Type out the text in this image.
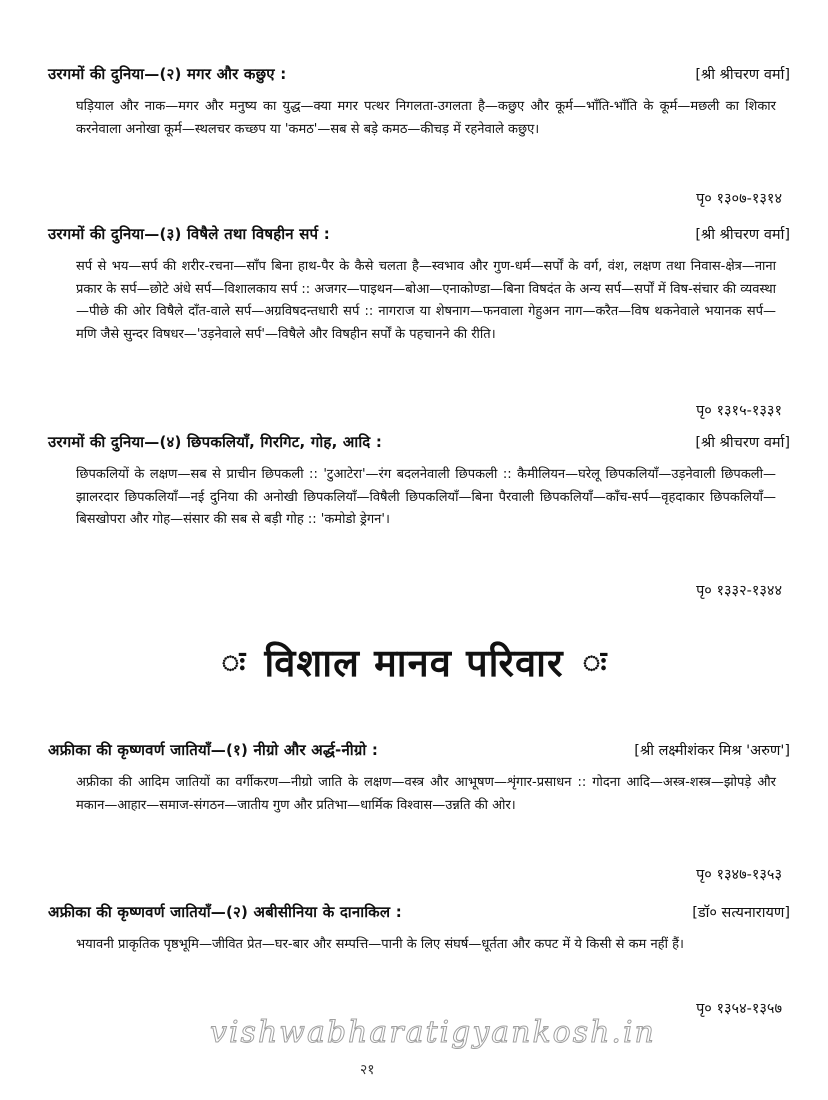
उरगमों की दुनिया—(२) मगर और कछुए :	[श्री श्रीचरण वर्मा]
घड़ियाल और नाक—मगर और मनुष्य का युद्ध—क्या मगर पत्थर निगलता-उगलता है—कछुए और कूर्म—भाँति-भाँति के कूर्म—मछली का शिकार करनेवाला अनोखा कूर्म—स्थलचर कच्छप या 'कमठ'—सब से बड़े कमठ—कीचड़ में रहनेवाले कछुए।
पृ० १३०७-१३१४
उरगमों की दुनिया—(३) विषैले तथा विषहीन सर्प :	[श्री श्रीचरण वर्मा]
सर्प से भय—सर्प की शरीर-रचना—साँप बिना हाथ-पैर के कैसे चलता है—स्वभाव और गुण-धर्म—सर्पों के वर्ग, वंश, लक्षण तथा निवास-क्षेत्र—नाना प्रकार के सर्प—छोटे अंधे सर्प—विशालकाय सर्प :: अजगर—पाइथन—बोआ—एनाकोण्डा—बिना विषदंत के अन्य सर्प—सर्पों में विष-संचार की व्यवस्था—पीछे की ओर विषैले दाँत-वाले सर्प—अग्रविषदन्तधारी सर्प :: नागराज या शेषनाग—फनवाला गेहुअन नाग—करैत—विष थकनेवाले भयानक सर्प—मणि जैसे सुन्दर विषधर—'उड़नेवाले सर्प'—विषैले और विषहीन सर्पों के पहचानने की रीति।
पृ० १३१५-१३३१
उरगमों की दुनिया—(४) छिपकलियाँ, गिरगिट, गोह, आदि :	[श्री श्रीचरण वर्मा]
छिपकलियों के लक्षण—सब से प्राचीन छिपकली :: 'टुआटेरा'—रंग बदलनेवाली छिपकली :: कैमीलियन—घरेलू छिपकलियाँ—उड़नेवाली छिपकली—झालरदार छिपकलियाँ—नई दुनिया की अनोखी छिपकलियाँ—विषैली छिपकलियाँ—बिना पैरवाली छिपकलियाँ—काँच-सर्प—वृहदाकार छिपकलियाँ—बिसखोपरा और गोह—संसार की सब से बड़ी गोह :: 'कमोडो ड्रेगन'।
पृ० १३३२-१३४४
ः विशाल मानव परिवार ः
अफ्रीका की कृष्णवर्ण जातियाँ—(१) नीग्रो और अर्द्ध-नीग्रो :	[श्री लक्ष्मीशंकर मिश्र 'अरुण']
अफ्रीका की आदिम जातियों का वर्गीकरण—नीग्रो जाति के लक्षण—वस्त्र और आभूषण—शृंगार-प्रसाधन :: गोदना आदि—अस्त्र-शस्त्र—झोपड़े और मकान—आहार—समाज-संगठन—जातीय गुण और प्रतिभा—धार्मिक विश्वास—उन्नति की ओर।
पृ० १३४७-१३५३
अफ्रीका की कृष्णवर्ण जातियाँ—(२) अबीसीनिया के दानाकिल :	[डॉ० सत्यनारायण]
भयावनी प्राकृतिक पृष्ठभूमि—जीवित प्रेत—घर-बार और सम्पत्ति—पानी के लिए संघर्ष—धूर्तता और कपट में ये किसी से कम नहीं हैं।
पृ० १३५४-१३५७
vishwabharatigyankosh.in
२१
